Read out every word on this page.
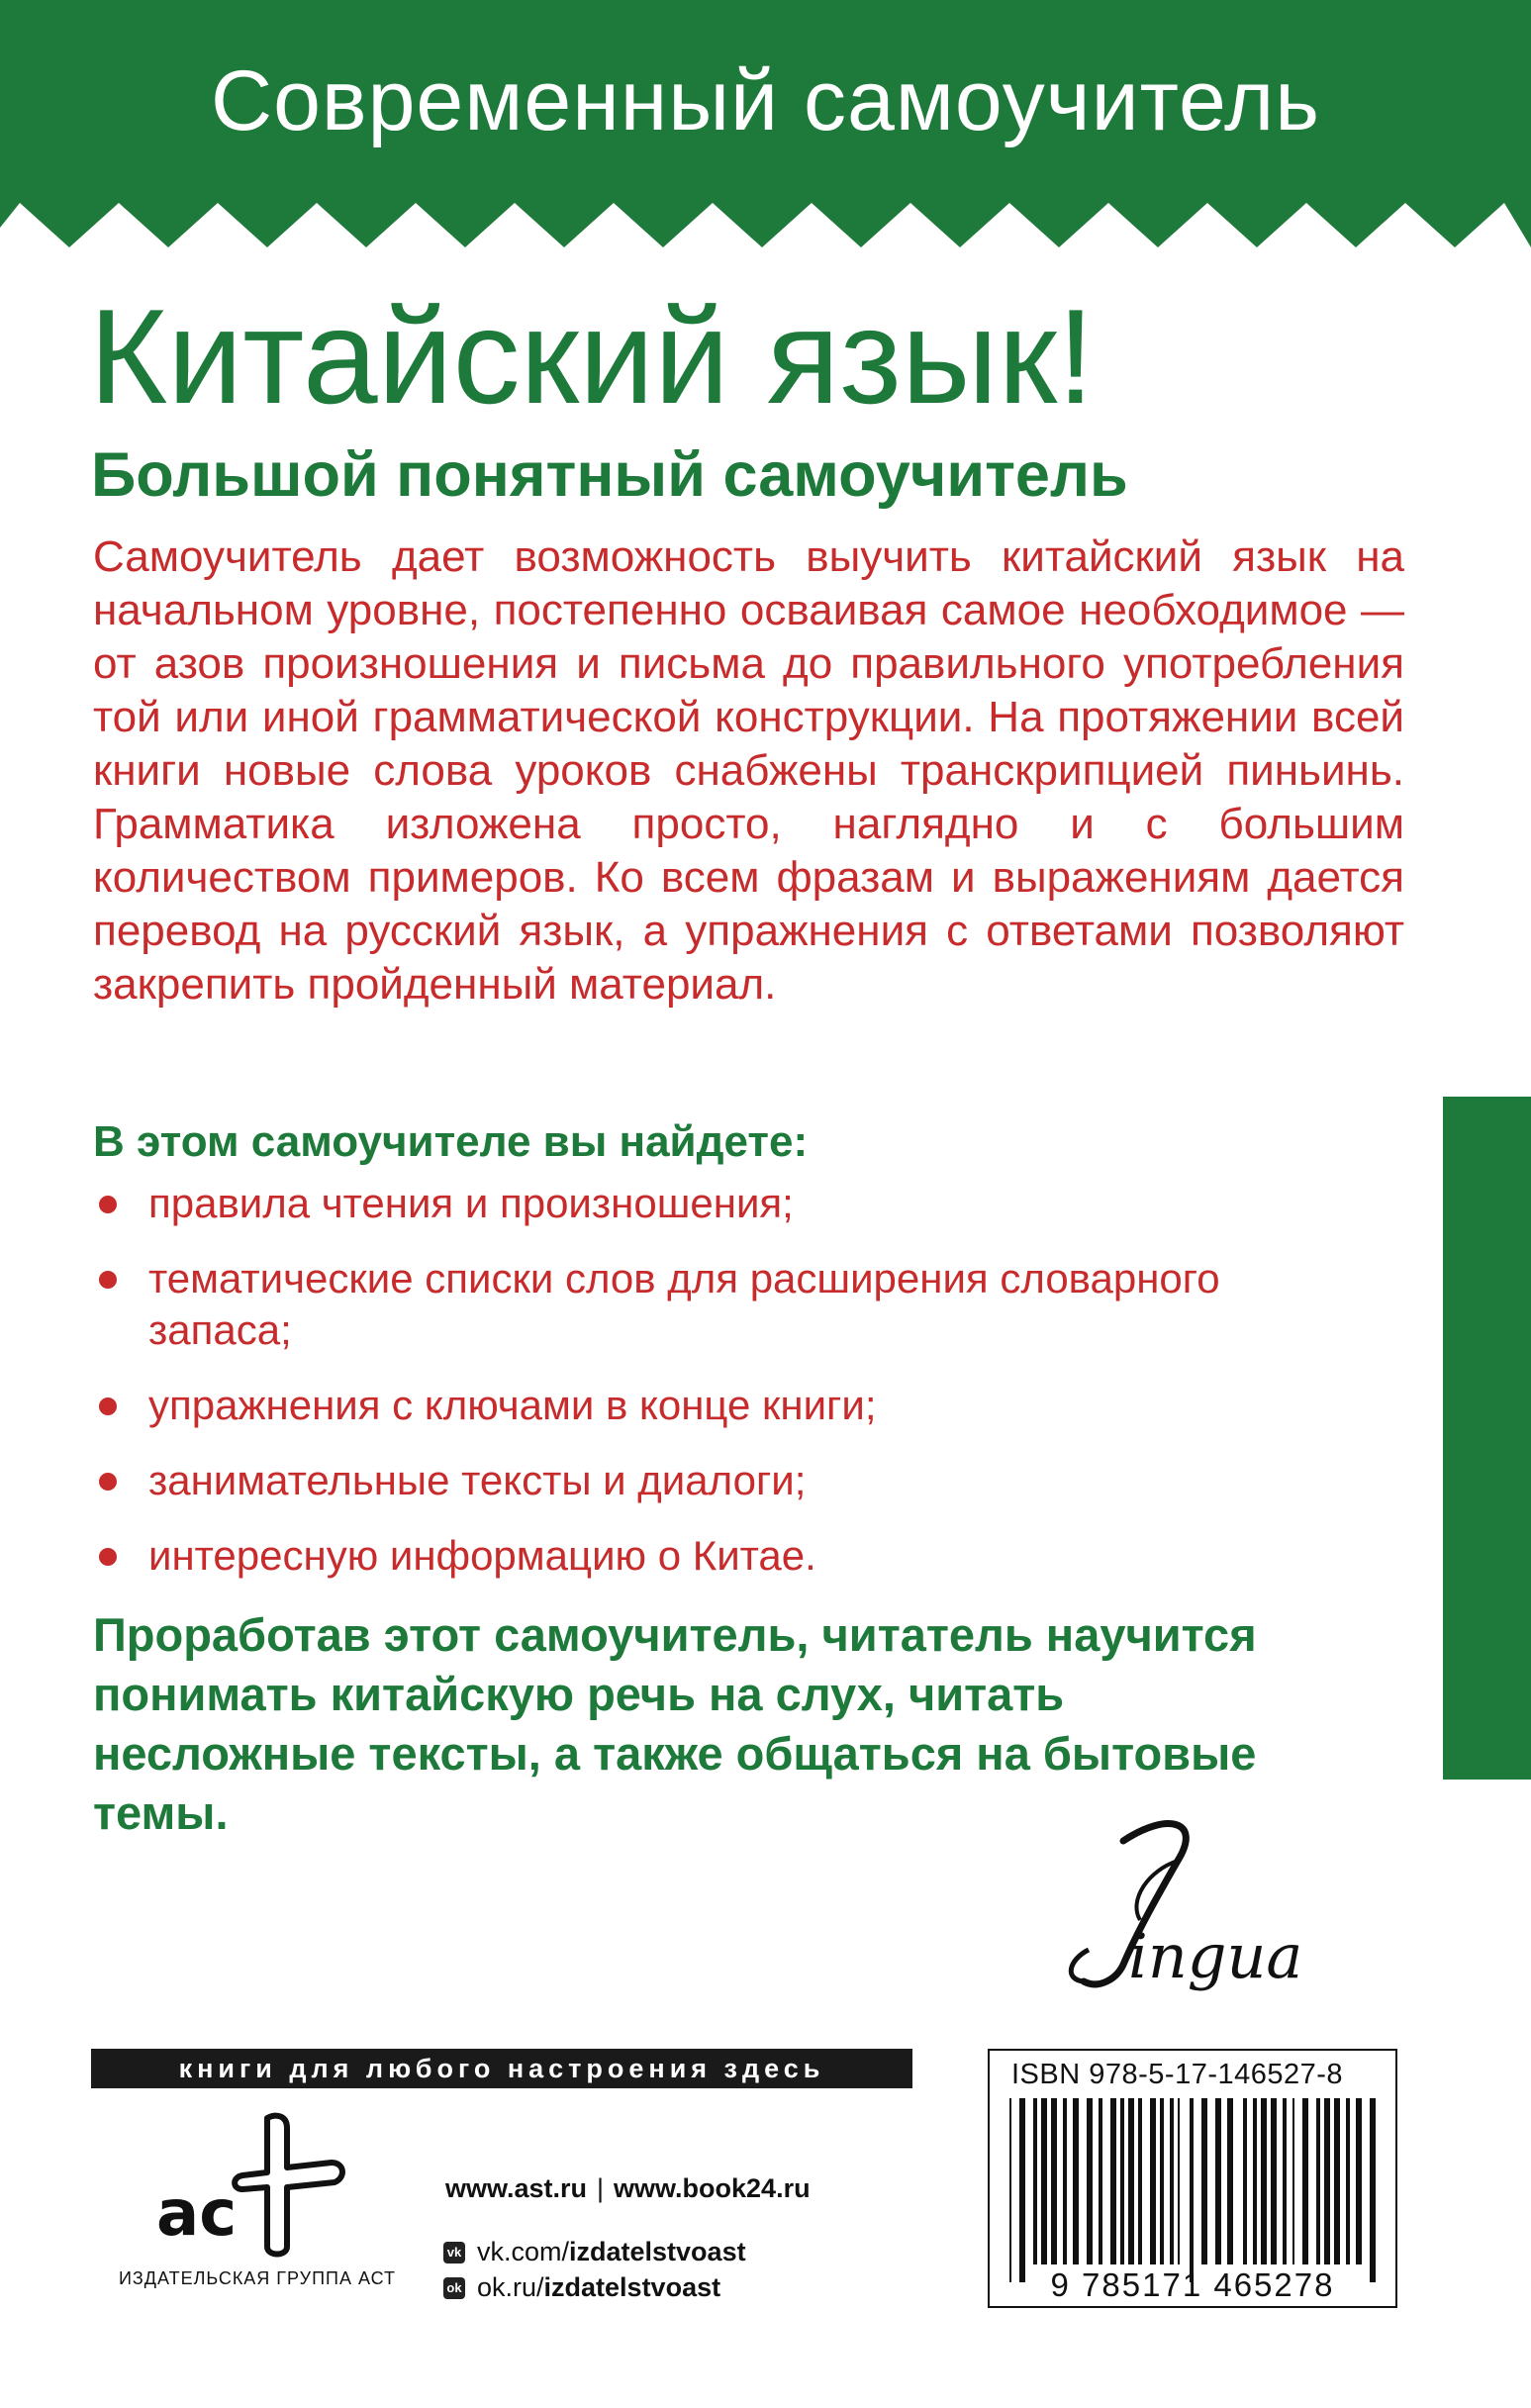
Современный самоучитель
Китайский язык!
Большой понятный самоучитель

Самоучитель дает возможность выучить китайский язык на начальном уровне, постепенно осваивая самое необходимое — от азов произношения и письма до правильного употребления той или иной грамматической конструкции. На протяжении всей книги новые слова уроков снабжены транскрипцией пиньинь. Грамматика изложена просто, наглядно и с большим количеством примеров. Ко всем фразам и выражениям дается перевод на русский язык, а упражнения с ответами позволяют закрепить пройденный материал.

В этом самоучителе вы найдете:
правила чтения и произношения;
тематические списки слов для расширения словарного запаса;
упражнения с ключами в конце книги;
занимательные тексты и диалоги;
интересную информацию о Китае.

Проработав этот самоучитель, читатель научится понимать китайскую речь на слух, читать несложные тексты, а также общаться на бытовые темы.

ingua
книги для любого настроения здесь
ac
ИЗДАТЕЛЬСКАЯ ГРУППА АСТ
www.ast.ru | www.book24.ru
vk vk.com/ izdatelstvoast
ok ok.ru/ izdatelstvoast
ISBN 978-5-17-146527-8
9 785171 465278
